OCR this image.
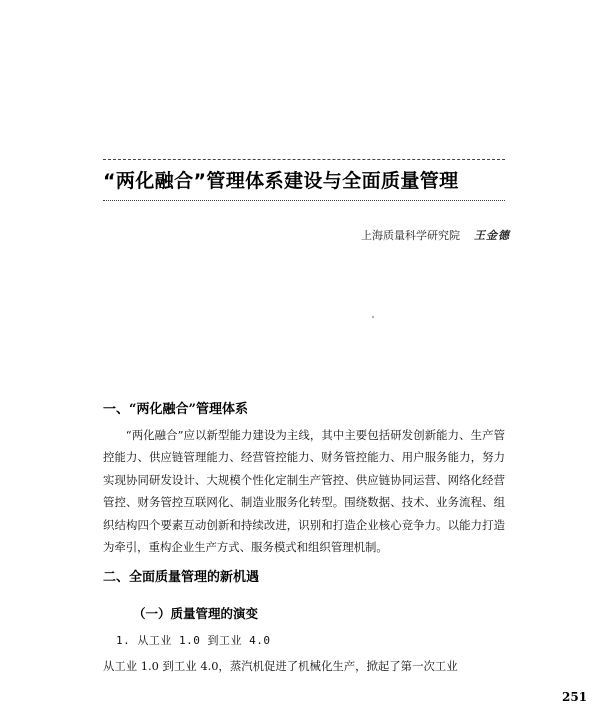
“两化融合”管理体系建设与全面质量管理
上海质量科学研究院 王金德
一、“两化融合”管理体系
“两化融合”应以新型能力建设为主线，其中主要包括研发创新能力、生产管控能力、供应链管理能力、经营管控能力、财务管控能力、用户服务能力，努力实现协同研发设计、大规模个性化定制生产管控、供应链协同运营、网络化经营管控、财务管控互联网化、制造业服务化转型。围绕数据、技术、业务流程、组织结构四个要素互动创新和持续改进，识别和打造企业核心竞争力。以能力打造为牵引，重构企业生产方式、服务模式和组织管理机制。
二、全面质量管理的新机遇
（一）质量管理的演变
1. 从工业 1.0 到工业 4.0
从工业 1.0 到工业 4.0，蒸汽机促进了机械化生产，掀起了第一次工业
251
